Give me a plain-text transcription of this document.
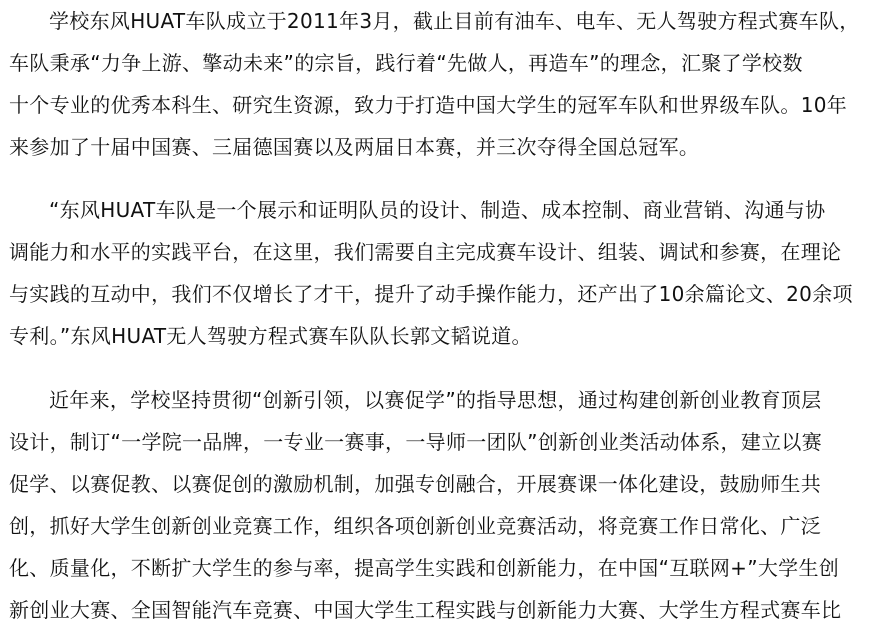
学校东风HUAT车队成立于2011年3月，截止目前有油车、电车、无人驾驶方程式赛车队，
车队秉承“力争上游、擎动未来”的宗旨，践行着“先做人，再造车”的理念，汇聚了学校数
十个专业的优秀本科生、研究生资源，致力于打造中国大学生的冠军车队和世界级车队。10年
来参加了十届中国赛、三届德国赛以及两届日本赛，并三次夺得全国总冠军。
“东风HUAT车队是一个展示和证明队员的设计、制造、成本控制、商业营销、沟通与协
调能力和水平的实践平台，在这里，我们需要自主完成赛车设计、组装、调试和参赛，在理论
与实践的互动中，我们不仅增长了才干，提升了动手操作能力，还产出了10余篇论文、20余项
专利。”东风HUAT无人驾驶方程式赛车队队长郭文韬说道。
近年来，学校坚持贯彻“创新引领，以赛促学”的指导思想，通过构建创新创业教育顶层
设计，制订“一学院一品牌，一专业一赛事，一导师一团队”创新创业类活动体系，建立以赛
促学、以赛促教、以赛促创的激励机制，加强专创融合，开展赛课一体化建设，鼓励师生共
创，抓好大学生创新创业竞赛工作，组织各项创新创业竞赛活动，将竞赛工作日常化、广泛
化、质量化，不断扩大学生的参与率，提高学生实践和创新能力，在中国“互联网+”大学生创
新创业大赛、全国智能汽车竞赛、中国大学生工程实践与创新能力大赛、大学生方程式赛车比
